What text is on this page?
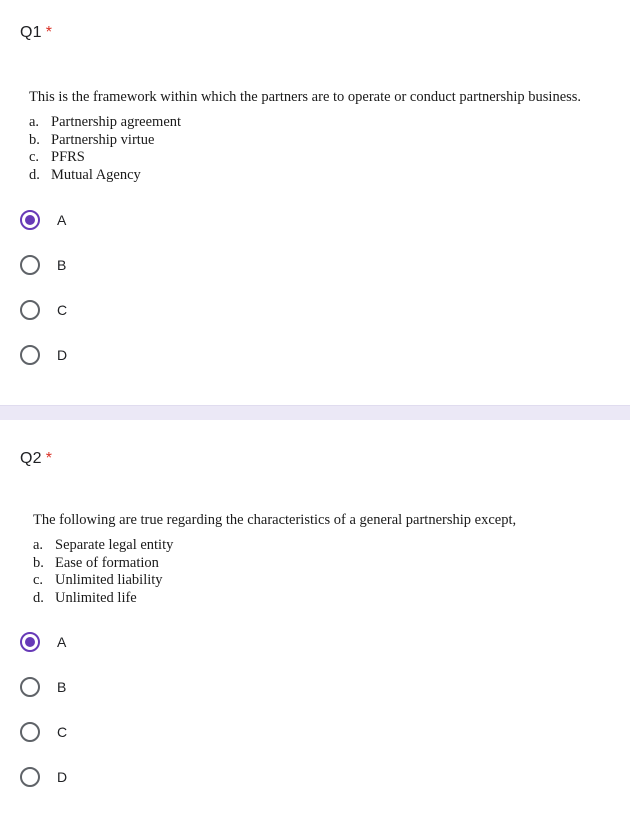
Q1 *
This is the framework within which the partners are to operate or conduct partnership business.
a. Partnership agreement
b. Partnership virtue
c. PFRS
d. Mutual Agency
A
B
C
D
Q2 *
The following are true regarding the characteristics of a general partnership except,
a. Separate legal entity
b. Ease of formation
c. Unlimited liability
d. Unlimited life
A
B
C
D
